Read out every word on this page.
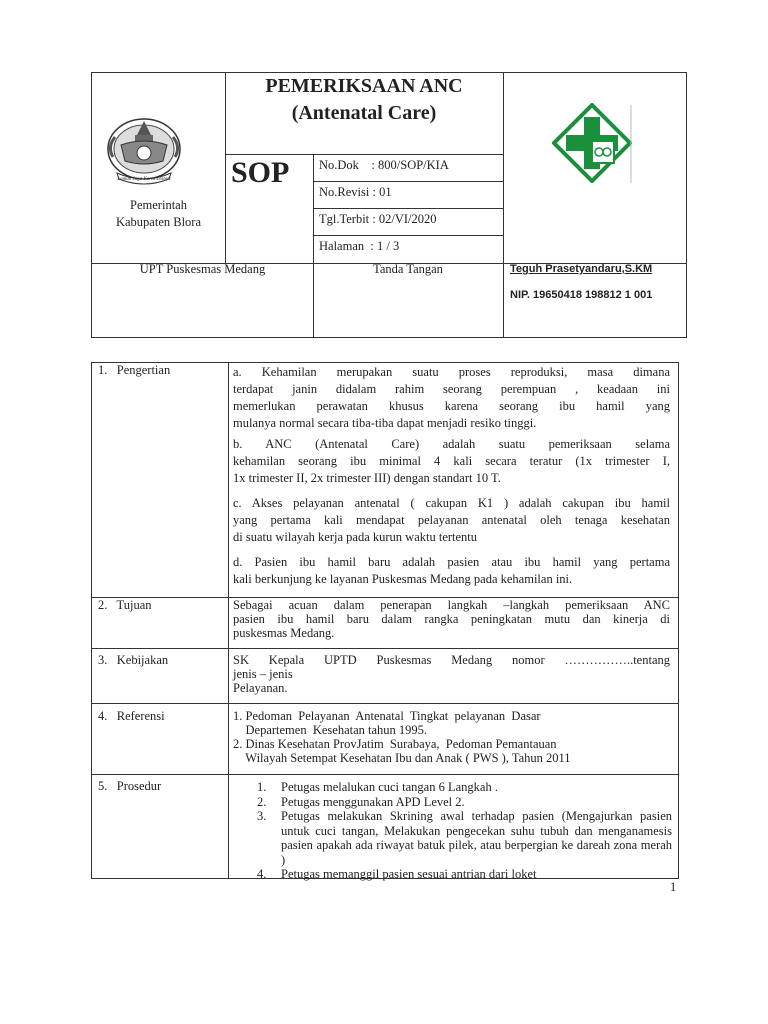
Lamun Jaga Karta Lestari
Pemerintah
Kabupaten Blora
PEMERIKSAAN ANC
(Antenatal Care)
SOP No.Dok    : 800/SOP/KIA
No.Revisi : 01
Tgl.Terbit : 02/VI/2020
Halaman  : 1 / 3
UPT Puskesmas Medang	Tanda Tangan	Teguh Prasetyandaru,S.KM
NIP. 19650418 198812 1 001
1.   Pengertian	a. Kehamilan merupakan suatu proses reproduksi, masa dimana

terdapat janin didalam rahim seorang perempuan , keadaan ini

memerlukan perawatan khusus karena seorang ibu hamil yang

mulanya normal secara tiba-tiba dapat menjadi resiko tinggi.

b. ANC (Antenatal Care) adalah suatu pemeriksaan selama

kehamilan seorang ibu minimal 4 kali secara teratur (1x trimester I,

1x trimester II, 2x trimester III) dengan standart 10 T.

c. Akses pelayanan antenatal ( cakupan K1 ) adalah cakupan ibu hamil

yang pertama kali mendapat pelayanan antenatal oleh tenaga kesehatan

di suatu wilayah kerja pada kurun waktu tertentu

d. Pasien ibu hamil baru adalah pasien atau ibu hamil yang pertama

kali berkunjung ke layanan Puskesmas Medang pada kehamilan ini.

2.   Tujuan	Sebagai acuan dalam penerapan langkah –langkah pemeriksaan ANC

pasien ibu hamil baru dalam rangka peningkatan mutu dan kinerja di

puskesmas Medang.

3.   Kebijakan	SK Kepala UPTD Puskesmas Medang nomor ……………..tentang

jenis – jenis

Pelayanan.

4.   Referensi	1. Pedoman  Pelayanan  Antenatal  Tingkat  pelayanan  Dasar

Departemen  Kesehatan tahun 1995.

2. Dinas Kesehatan ProvJatim  Surabaya,  Pedoman Pemantauan

Wilayah Setempat Kesehatan Ibu dan Anak ( PWS ), Tahun 2011

5.   Prosedur	1. Petugas melalukan cuci tangan 6 Langkah .
2. Petugas menggunakan APD Level 2.
3. Petugas melakukan Skrining awal terhadap pasien (Mengajurkan pasien untuk cuci tangan, Melakukan pengecekan suhu tubuh dan menganamesis pasien apakah ada riwayat batuk pilek, atau berpergian ke dareah zona merah )
4. Petugas memanggil pasien sesuai antrian dari loket
1
